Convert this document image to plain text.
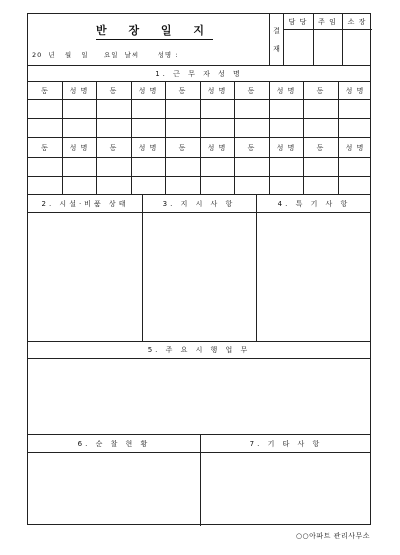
반 장 일 지
20  년   월   일     요일  날씨      성명 :
결
재
담 당	주 임	소 장
1. 근 무 자 성 명
동	성 명	동	성 명	동	성 명	동	성 명	동	성 명
동	성 명	동	성 명	동	성 명	동	성 명	동	성 명
2. 시설·비품 상태	3. 지 시 사 항	4. 특 기 사 항
5. 주 요 시 행 업 무
6. 순 찰 현 황	7. 기 타 사 항
○○아파트 관리사무소
